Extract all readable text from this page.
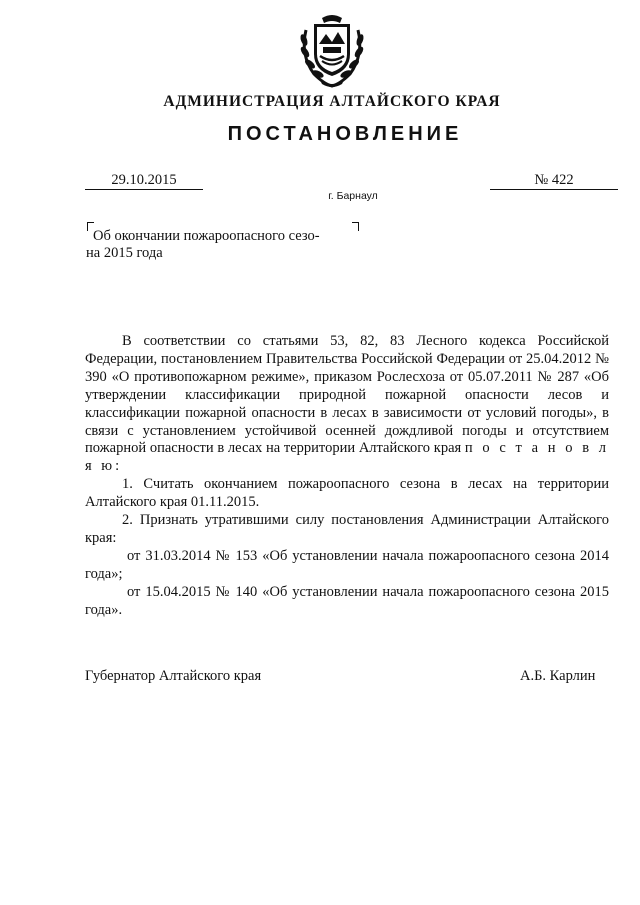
АДМИНИСТРАЦИЯ АЛТАЙСКОГО КРАЯ
ПОСТАНОВЛЕНИЕ
29.10.2015
г. Барнаул
№ 422
Об окончании пожароопасного сезо-
на 2015 года

В соответствии со статьями 53, 82, 83 Лесного кодекса Российской Федерации, постановлением Правительства Российской Федерации от 25.04.2012 № 390 «О противопожарном режиме», приказом Рослесхоза от 05.07.2011 № 287 «Об утверждении классификации природной пожарной опасности лесов и классификации пожарной опасности в лесах в зависимости от условий погоды», в связи с установлением устойчивой осенней дождливой погоды и отсутствием пожарной опасности в лесах на территории Алтайского края п о с т а н о в л я ю:

1. Считать окончанием пожароопасного сезона в лесах на территории Алтайского края 01.11.2015.

2. Признать утратившими силу постановления Администрации Алтайского края:

от 31.03.2014 № 153 «Об установлении начала пожароопасного сезона 2014 года»;

от 15.04.2015 № 140 «Об установлении начала пожароопасного сезона 2015 года».

Губернатор Алтайского края	А.Б. Карлин
